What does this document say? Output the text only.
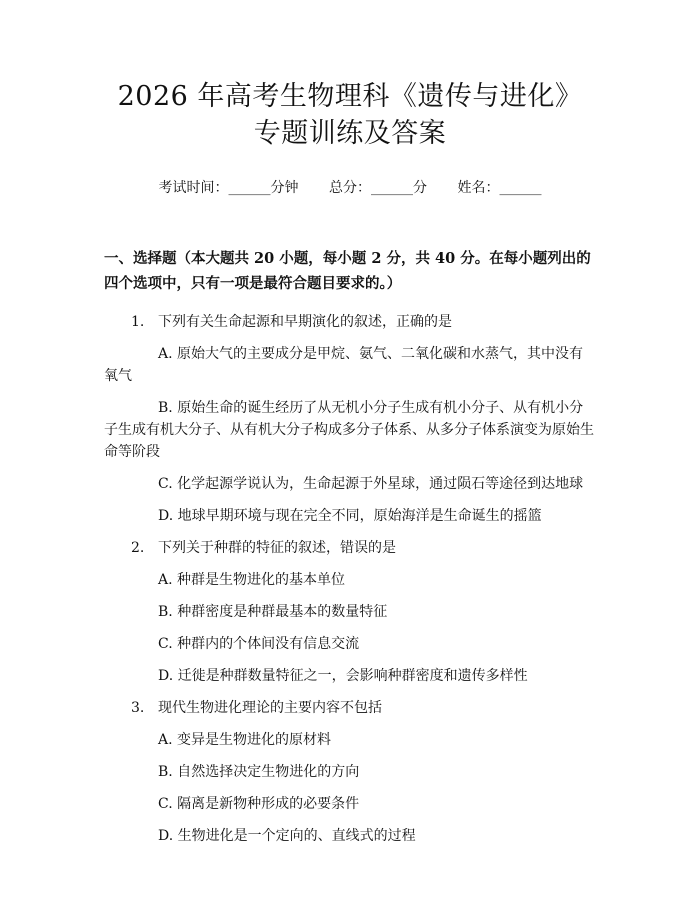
2026 年高考生物理科《遗传与进化》专题训练及答案
考试时间：______分钟 总分：______分 姓名：______
一、选择题（本大题共 20 小题，每小题 2 分，共 40 分。在每小题列出的四个选项中，只有一项是最符合题目要求的。）
1. 下列有关生命起源和早期演化的叙述，正确的是
A. 原始大气的主要成分是甲烷、氨气、二氧化碳和水蒸气，其中没有氧气
B. 原始生命的诞生经历了从无机小分子生成有机小分子、从有机小分子生成有机大分子、从有机大分子构成多分子体系、从多分子体系演变为原始生命等阶段
C. 化学起源学说认为，生命起源于外星球，通过陨石等途径到达地球
D. 地球早期环境与现在完全不同，原始海洋是生命诞生的摇篮
2. 下列关于种群的特征的叙述，错误的是
A. 种群是生物进化的基本单位
B. 种群密度是种群最基本的数量特征
C. 种群内的个体间没有信息交流
D. 迁徙是种群数量特征之一，会影响种群密度和遗传多样性
3. 现代生物进化理论的主要内容不包括
A. 变异是生物进化的原材料
B. 自然选择决定生物进化的方向
C. 隔离是新物种形成的必要条件
D. 生物进化是一个定向的、直线式的过程
